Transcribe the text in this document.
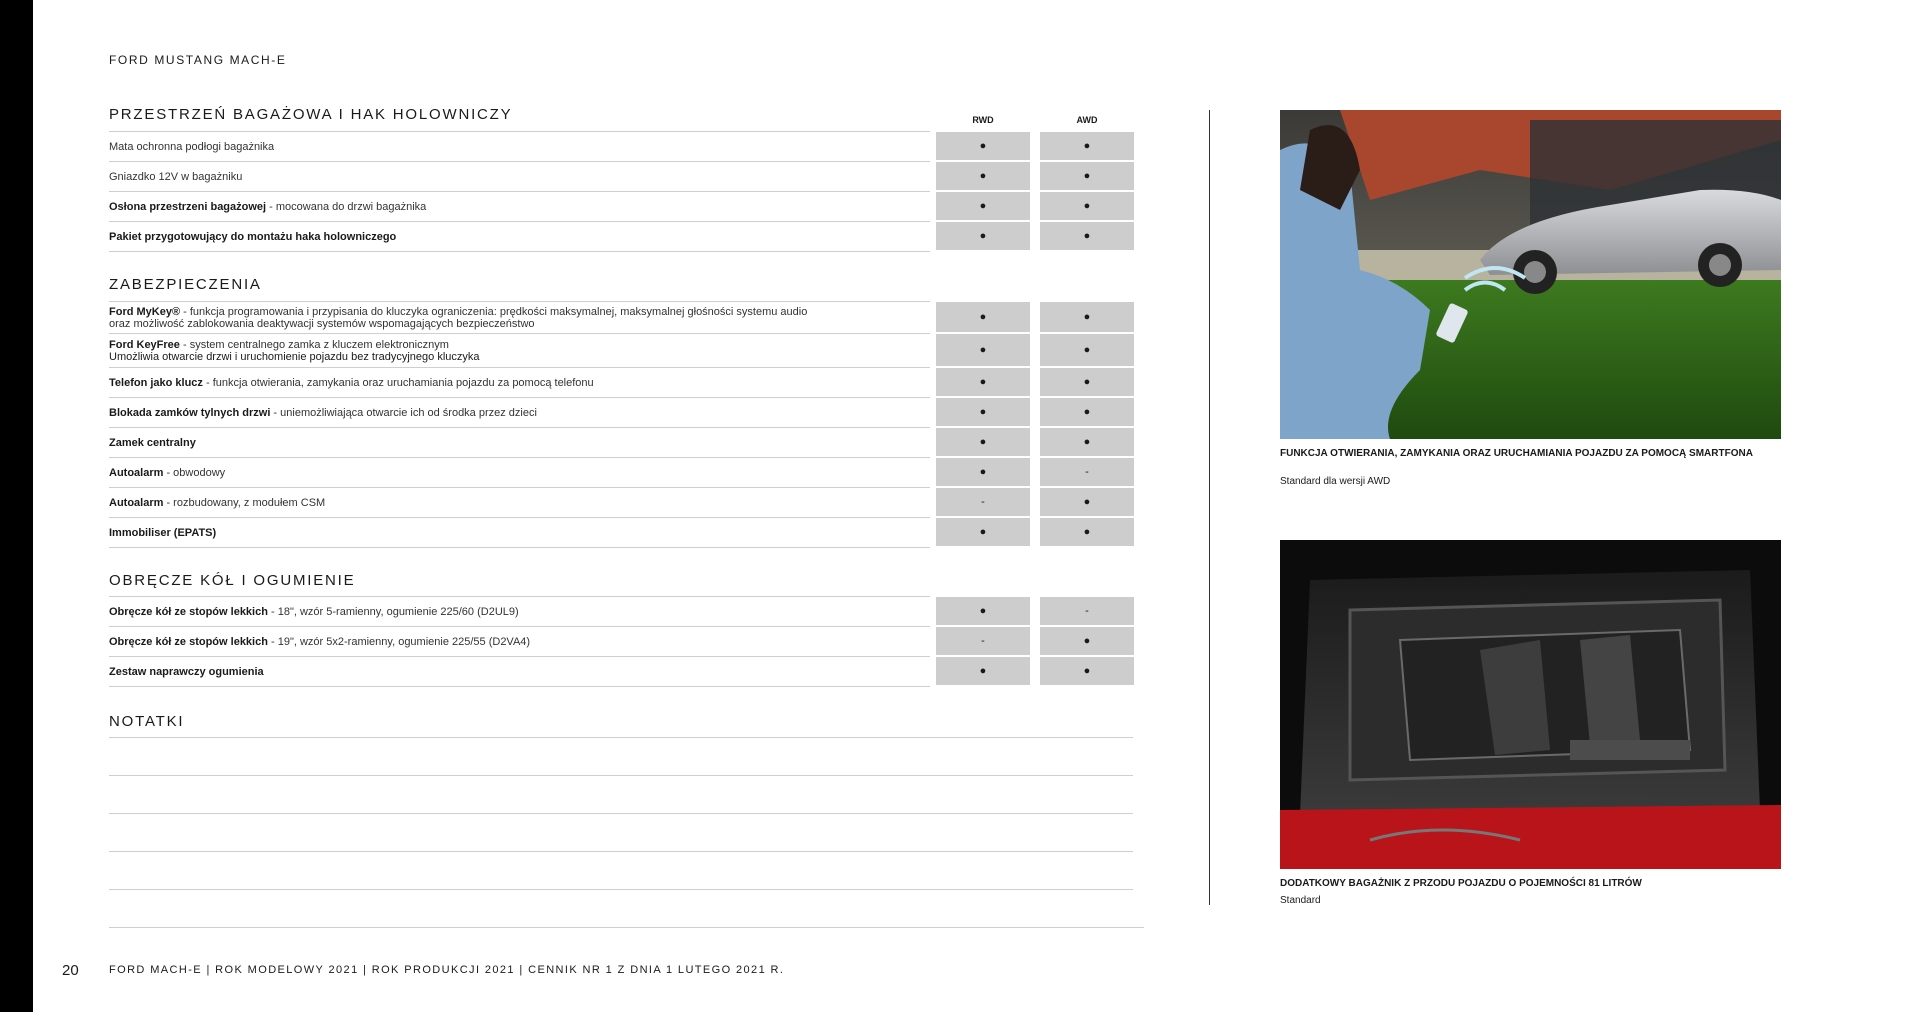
FORD MUSTANG MACH-E
RWD	AWD
PRZESTRZEŃ BAGAŻOWA I HAK HOLOWNICZY
Mata ochronna podłogi bagażnika	●	●
Gniazdko 12V w bagażniku	●	●
Osłona przestrzeni bagażowej - mocowana do drzwi bagażnika	●	●
Pakiet przygotowujący do montażu haka holowniczego	●	●
ZABEZPIECZENIA
Ford MyKey® - funkcja programowania i przypisania do kluczyka ograniczenia: prędkości maksymalnej, maksymalnej głośności systemu audio oraz możliwość zablokowania deaktywacji systemów wspomagających bezpieczeństwo
●	●
Ford KeyFree - system centralnego zamka z kluczem elektronicznym
Umożliwia otwarcie drzwi i uruchomienie pojazdu bez tradycyjnego kluczyka
●	●
Telefon jako klucz - funkcja otwierania, zamykania oraz uruchamiania pojazdu za pomocą telefonu	●	●
Blokada zamków tylnych drzwi - uniemożliwiająca otwarcie ich od środka przez dzieci	●	●
Zamek centralny	●	●
Autoalarm - obwodowy	●	-
Autoalarm - rozbudowany, z modułem CSM	-	●
Immobiliser (EPATS)	●	●
OBRĘCZE KÓŁ I OGUMIENIE
Obręcze kół ze stopów lekkich - 18", wzór 5-ramienny, ogumienie 225/60 (D2UL9)	●	-
Obręcze kół ze stopów lekkich - 19", wzór 5x2-ramienny, ogumienie 225/55 (D2VA4)	-	●
Zestaw naprawczy ogumienia	●	●
NOTATKI
FUNKCJA OTWIERANIA, ZAMYKANIA ORAZ URUCHAMIANIA POJAZDU ZA POMOCĄ SMARTFONA
Standard dla wersji AWD
DODATKOWY BAGAŻNIK Z PRZODU POJAZDU O POJEMNOŚCI 81 LITRÓW
Standard
20	FORD MACH-E | ROK MODELOWY 2021 | ROK PRODUKCJI 2021 | CENNIK NR 1 Z DNIA 1 LUTEGO 2021 R.
